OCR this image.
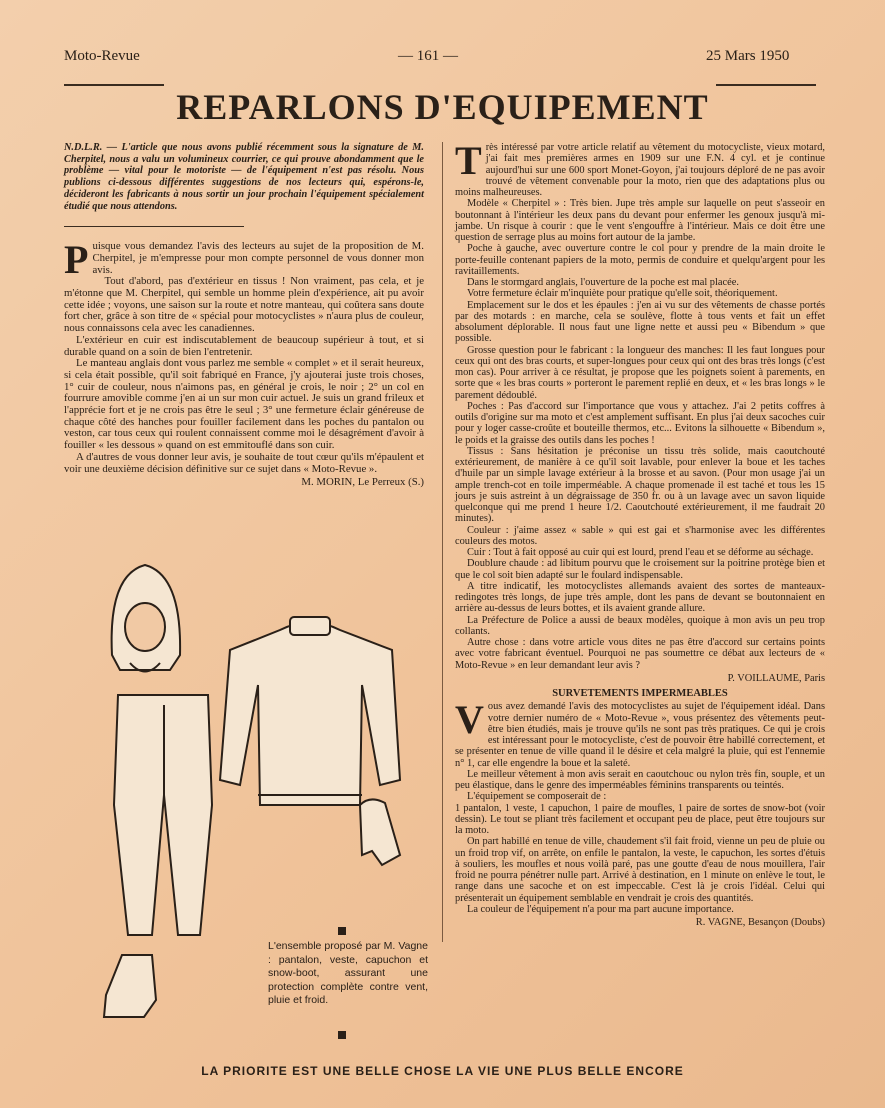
Moto-Revue	— 161 —	25 Mars 1950
REPARLONS D'EQUIPEMENT

N.D.L.R. — L'article que nous avons publié récemment sous la signature de M. Cherpitel, nous a valu un volumineux courrier, ce qui prouve abondamment que le problème — vital pour le motoriste — de l'équipement n'est pas résolu. Nous publions ci-dessous différentes suggestions de nos lecteurs qui, espérons-le, décideront les fabricants à nous sortir un jour prochain l'équipement spécialement étudié que nous attendons.

P uisque vous demandez l'avis des lecteurs au sujet de la proposition de M. Cherpitel, je m'empresse pour mon compte personnel de vous donner mon avis.

Tout d'abord, pas d'extérieur en tissus ! Non vraiment, pas cela, et je m'étonne que M. Cherpitel, qui semble un homme plein d'expérience, ait pu avoir cette idée ; voyons, une saison sur la route et notre manteau, qui coûtera sans doute fort cher, grâce à son titre de « spécial pour motocyclistes » n'aura plus de couleur, nous connaissons cela avec les canadiennes.

L'extérieur en cuir est indiscutablement de beaucoup supérieur à tout, et si durable quand on a soin de bien l'entretenir.

Le manteau anglais dont vous parlez me semble « complet » et il serait heureux, si cela était possible, qu'il soit fabriqué en France, j'y ajouterai juste trois choses, 1° cuir de couleur, nous n'aimons pas, en général je crois, le noir ; 2° un col en fourrure amovible comme j'en ai un sur mon cuir actuel. Je suis un grand frileux et l'apprécie fort et je ne crois pas être le seul ; 3° une fermeture éclair généreuse de chaque côté des hanches pour fouiller facilement dans les poches du pantalon ou veston, car tous ceux qui roulent connaissent comme moi le désagrément d'avoir à fouiller « les dessous » quand on est emmitouflé dans son cuir.

A d'autres de vous donner leur avis, je souhaite de tout cœur qu'ils m'épaulent et voir une deuxième décision définitive sur ce sujet dans « Moto-Revue ».

M. MORIN, Le Perreux (S.)

L'ensemble proposé par M. Vagne : pantalon, veste, capuchon et snow-boot, assurant une protection complète contre vent, pluie et froid.
T rès intéressé par votre article relatif au vêtement du motocycliste, vieux motard, j'ai fait mes premières armes en 1909 sur une F.N. 4 cyl. et je continue aujourd'hui sur une 600 sport Monet-Goyon, j'ai toujours déploré de ne pas avoir trouvé de vêtement convenable pour la moto, rien que des adaptations plus ou moins malheureuses.

Modèle « Cherpitel » : Très bien. Jupe très ample sur laquelle on peut s'asseoir en boutonnant à l'intérieur les deux pans du devant pour enfermer les genoux jusqu'à mi-jambe. Un risque à courir : que le vent s'engouffre à l'intérieur. Mais ce doit être une question de serrage plus au moins fort autour de la jambe.

Poche à gauche, avec ouverture contre le col pour y prendre de la main droite le porte-feuille contenant papiers de la moto, permis de conduire et quelqu'argent pour les ravitaillements.

Dans le stormgard anglais, l'ouverture de la poche est mal placée.

Votre fermeture éclair m'inquiète pour pratique qu'elle soit, théoriquement.

Emplacement sur le dos et les épaules : j'en ai vu sur des vêtements de chasse portés par des motards : en marche, cela se soulève, flotte à tous vents et fait un effet absolument déplorable. Il nous faut une ligne nette et aussi peu « Bibendum » que possible.

Grosse question pour le fabricant : la longueur des manches: Il les faut longues pour ceux qui ont des bras courts, et super-longues pour ceux qui ont des bras très longs (c'est mon cas). Pour arriver à ce résultat, je propose que les poignets soient à parements, en sorte que « les bras courts » porteront le parement replié en deux, et « les bras longs » le parement dédoublé.

Poches : Pas d'accord sur l'importance que vous y attachez. J'ai 2 petits coffres à outils d'origine sur ma moto et c'est amplement suffisant. En plus j'ai deux sacoches cuir pour y loger casse-croûte et bouteille thermos, etc... Evitons la silhouette « Bibendum », le poids et la graisse des outils dans les poches !

Tissus : Sans hésitation je préconise un tissu très solide, mais caoutchouté extérieurement, de manière à ce qu'il soit lavable, pour enlever la boue et les taches d'huile par un simple lavage extérieur à la brosse et au savon. (Pour mon usage j'ai un ample trench-cot en toile imperméable. A chaque promenade il est taché et tous les 15 jours je suis astreint à un dégraissage de 350 fr. ou à un lavage avec un savon liquide quelconque qui me prend 1 heure 1/2. Caoutchouté extérieurement, il me faudrait 20 minutes).

Couleur : j'aime assez « sable » qui est gai et s'harmonise avec les différentes couleurs des motos.

Cuir : Tout à fait opposé au cuir qui est lourd, prend l'eau et se déforme au séchage.

Doublure chaude : ad libitum pourvu que le croisement sur la poitrine protège bien et que le col soit bien adapté sur le foulard indispensable.

A titre indicatif, les motocyclistes allemands avaient des sortes de manteaux-redingotes très longs, de jupe très ample, dont les pans de devant se boutonnaient en arrière au-dessus de leurs bottes, et ils avaient grande allure.

La Préfecture de Police a aussi de beaux modèles, quoique à mon avis un peu trop collants.

Autre chose : dans votre article vous dites ne pas être d'accord sur certains points avec votre fabricant éventuel. Pourquoi ne pas soumettre ce débat aux lecteurs de « Moto-Revue » en leur demandant leur avis ?

P. VOILLAUME, Paris

SURVETEMENTS IMPERMEABLES

V ous avez demandé l'avis des motocyclistes au sujet de l'équipement idéal. Dans votre dernier numéro de « Moto-Revue », vous présentez des vêtements peut-être bien étudiés, mais je trouve qu'ils ne sont pas très pratiques. Ce qui je crois est intéressant pour le motocycliste, c'est de pouvoir être habillé correctement, et se présenter en tenue de ville quand il le désire et cela malgré la pluie, qui est l'ennemie n° 1, car elle engendre la boue et la saleté.

Le meilleur vêtement à mon avis serait en caoutchouc ou nylon très fin, souple, et un peu élastique, dans le genre des imperméables féminins transparents ou teintés.

L'équipement se composerait de :

1 pantalon, 1 veste, 1 capuchon, 1 paire de moufles, 1 paire de sortes de snow-bot (voir dessin). Le tout se pliant très facilement et occupant peu de place, peut être toujours sur la moto.

On part habillé en tenue de ville, chaudement s'il fait froid, vienne un peu de pluie ou un froid trop vif, on arrête, on enfile le pantalon, la veste, le capuchon, les sortes d'étuis à souliers, les moufles et nous voilà paré, pas une goutte d'eau de nous mouillera, l'air froid ne pourra pénétrer nulle part. Arrivé à destination, en 1 minute on enlève le tout, le range dans une sacoche et on est impeccable. C'est là je crois l'idéal. Celui qui présenterait un équipement semblable en vendrait je crois des quantités.

La couleur de l'équipement n'a pour ma part aucune importance.

R. VAGNE, Besançon (Doubs)

LA PRIORITE EST UNE BELLE CHOSE LA VIE UNE PLUS BELLE ENCORE
